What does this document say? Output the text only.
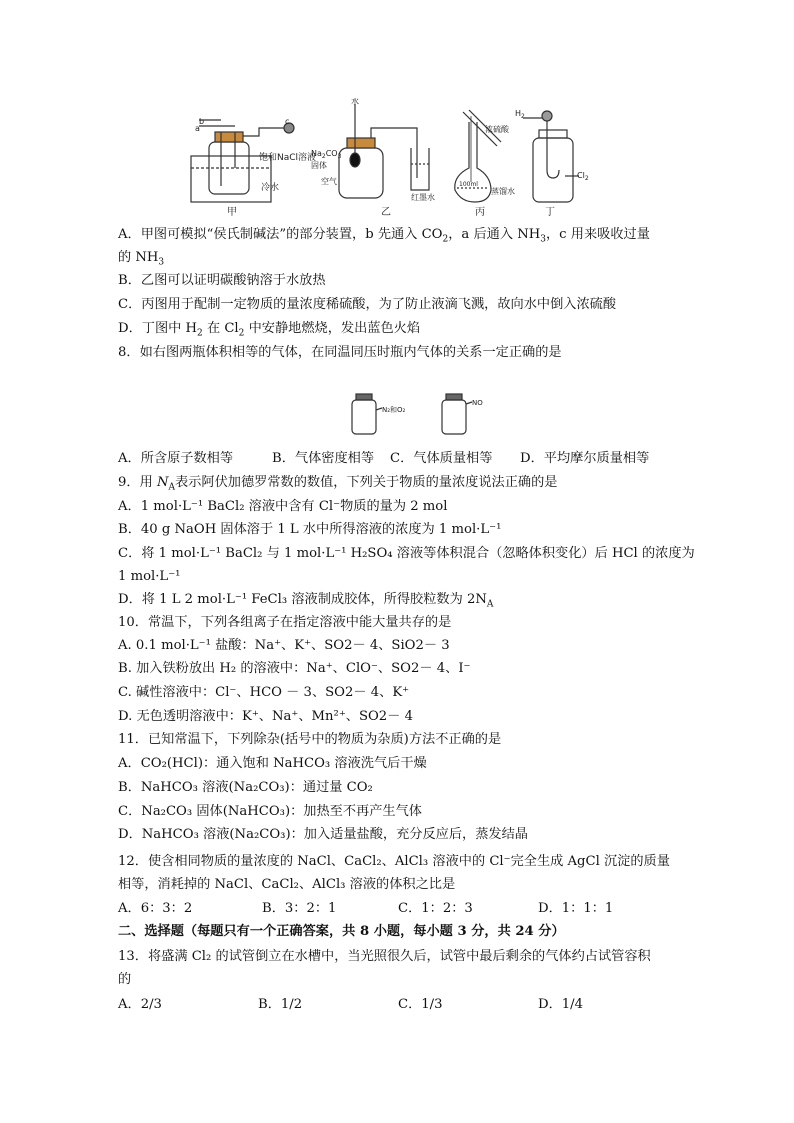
b
a
c
饱和NaCl溶液
冷水
甲
水
$Na_2CO_3$
固体
空气
红墨水
乙
浓硫酸
100ml
蒸馏水
丙
$H_2$
$Cl_2$
丁
A．甲图可模拟“侯氏制碱法”的部分装置，b 先通入 $CO_2$，a 后通入 $NH_3$，c 用来吸收过量
的 $NH_3$
B．乙图可以证明碳酸钠溶于水放热
C．丙图用于配制一定物质的量浓度稀硫酸，为了防止液滴飞溅，故向水中倒入浓硫酸
D．丁图中 $H_2$ 在 $Cl_2$ 中安静地燃烧，发出蓝色火焰
8．如右图两瓶体积相等的气体，在同温同压时瓶内气体的关系一定正确的是
N₂和O₂
NO
A．所含原子数相等	B．气体密度相等 C．气体质量相等 D．平均摩尔质量相等
9．用 $N_A$表示阿伏加德罗常数的数值，下列关于物质的量浓度说法正确的是
A．1 mol·L⁻¹ BaCl₂ 溶液中含有 Cl⁻物质的量为 2 mol
B．40 g NaOH 固体溶于 1 L 水中所得溶液的浓度为 1 mol·L⁻¹
C．将 1 mol·L⁻¹ BaCl₂ 与 1 mol·L⁻¹ H₂SO₄ 溶液等体积混合（忽略体积变化）后 HCl 的浓度为
1 mol·L⁻¹
D．将 1 L 2 mol·L⁻¹ FeCl₃ 溶液制成胶体，所得胶粒数为 $2N_A$
10．常温下，下列各组离子在指定溶液中能大量共存的是
A. 0.1 mol·L⁻¹ 盐酸：Na⁺、K⁺、SO2－ 4、SiO2－ 3
B. 加入铁粉放出 H₂ 的溶液中：Na⁺、ClO⁻、SO2－ 4、I⁻
C. 碱性溶液中：Cl⁻、HCO － 3、SO2－ 4、K⁺
D. 无色透明溶液中：K⁺、Na⁺、Mn²⁺、SO2－ 4
11．已知常温下，下列除杂(括号中的物质为杂质)方法不正确的是
A．CO₂(HCl)：通入饱和 NaHCO₃ 溶液洗气后干燥
B．NaHCO₃ 溶液(Na₂CO₃)：通过量 CO₂
C．Na₂CO₃ 固体(NaHCO₃)：加热至不再产生气体
D．NaHCO₃ 溶液(Na₂CO₃)：加入适量盐酸，充分反应后，蒸发结晶
12．使含相同物质的量浓度的 NaCl、CaCl₂、AlCl₃ 溶液中的 Cl⁻完全生成 AgCl 沉淀的质量
相等，消耗掉的 NaCl、CaCl₂、AlCl₃ 溶液的体积之比是
A．6：3：2	B．3：2：1	C．1：2：3	D．1：1：1
二、选择题（每题只有一个正确答案，共 8 小题，每小题 3 分，共 24 分）
13．将盛满 Cl₂ 的试管倒立在水槽中，当光照很久后，试管中最后剩余的气体约占试管容积
的
A．2/3	B．1/2	C．1/3	D．1/4
